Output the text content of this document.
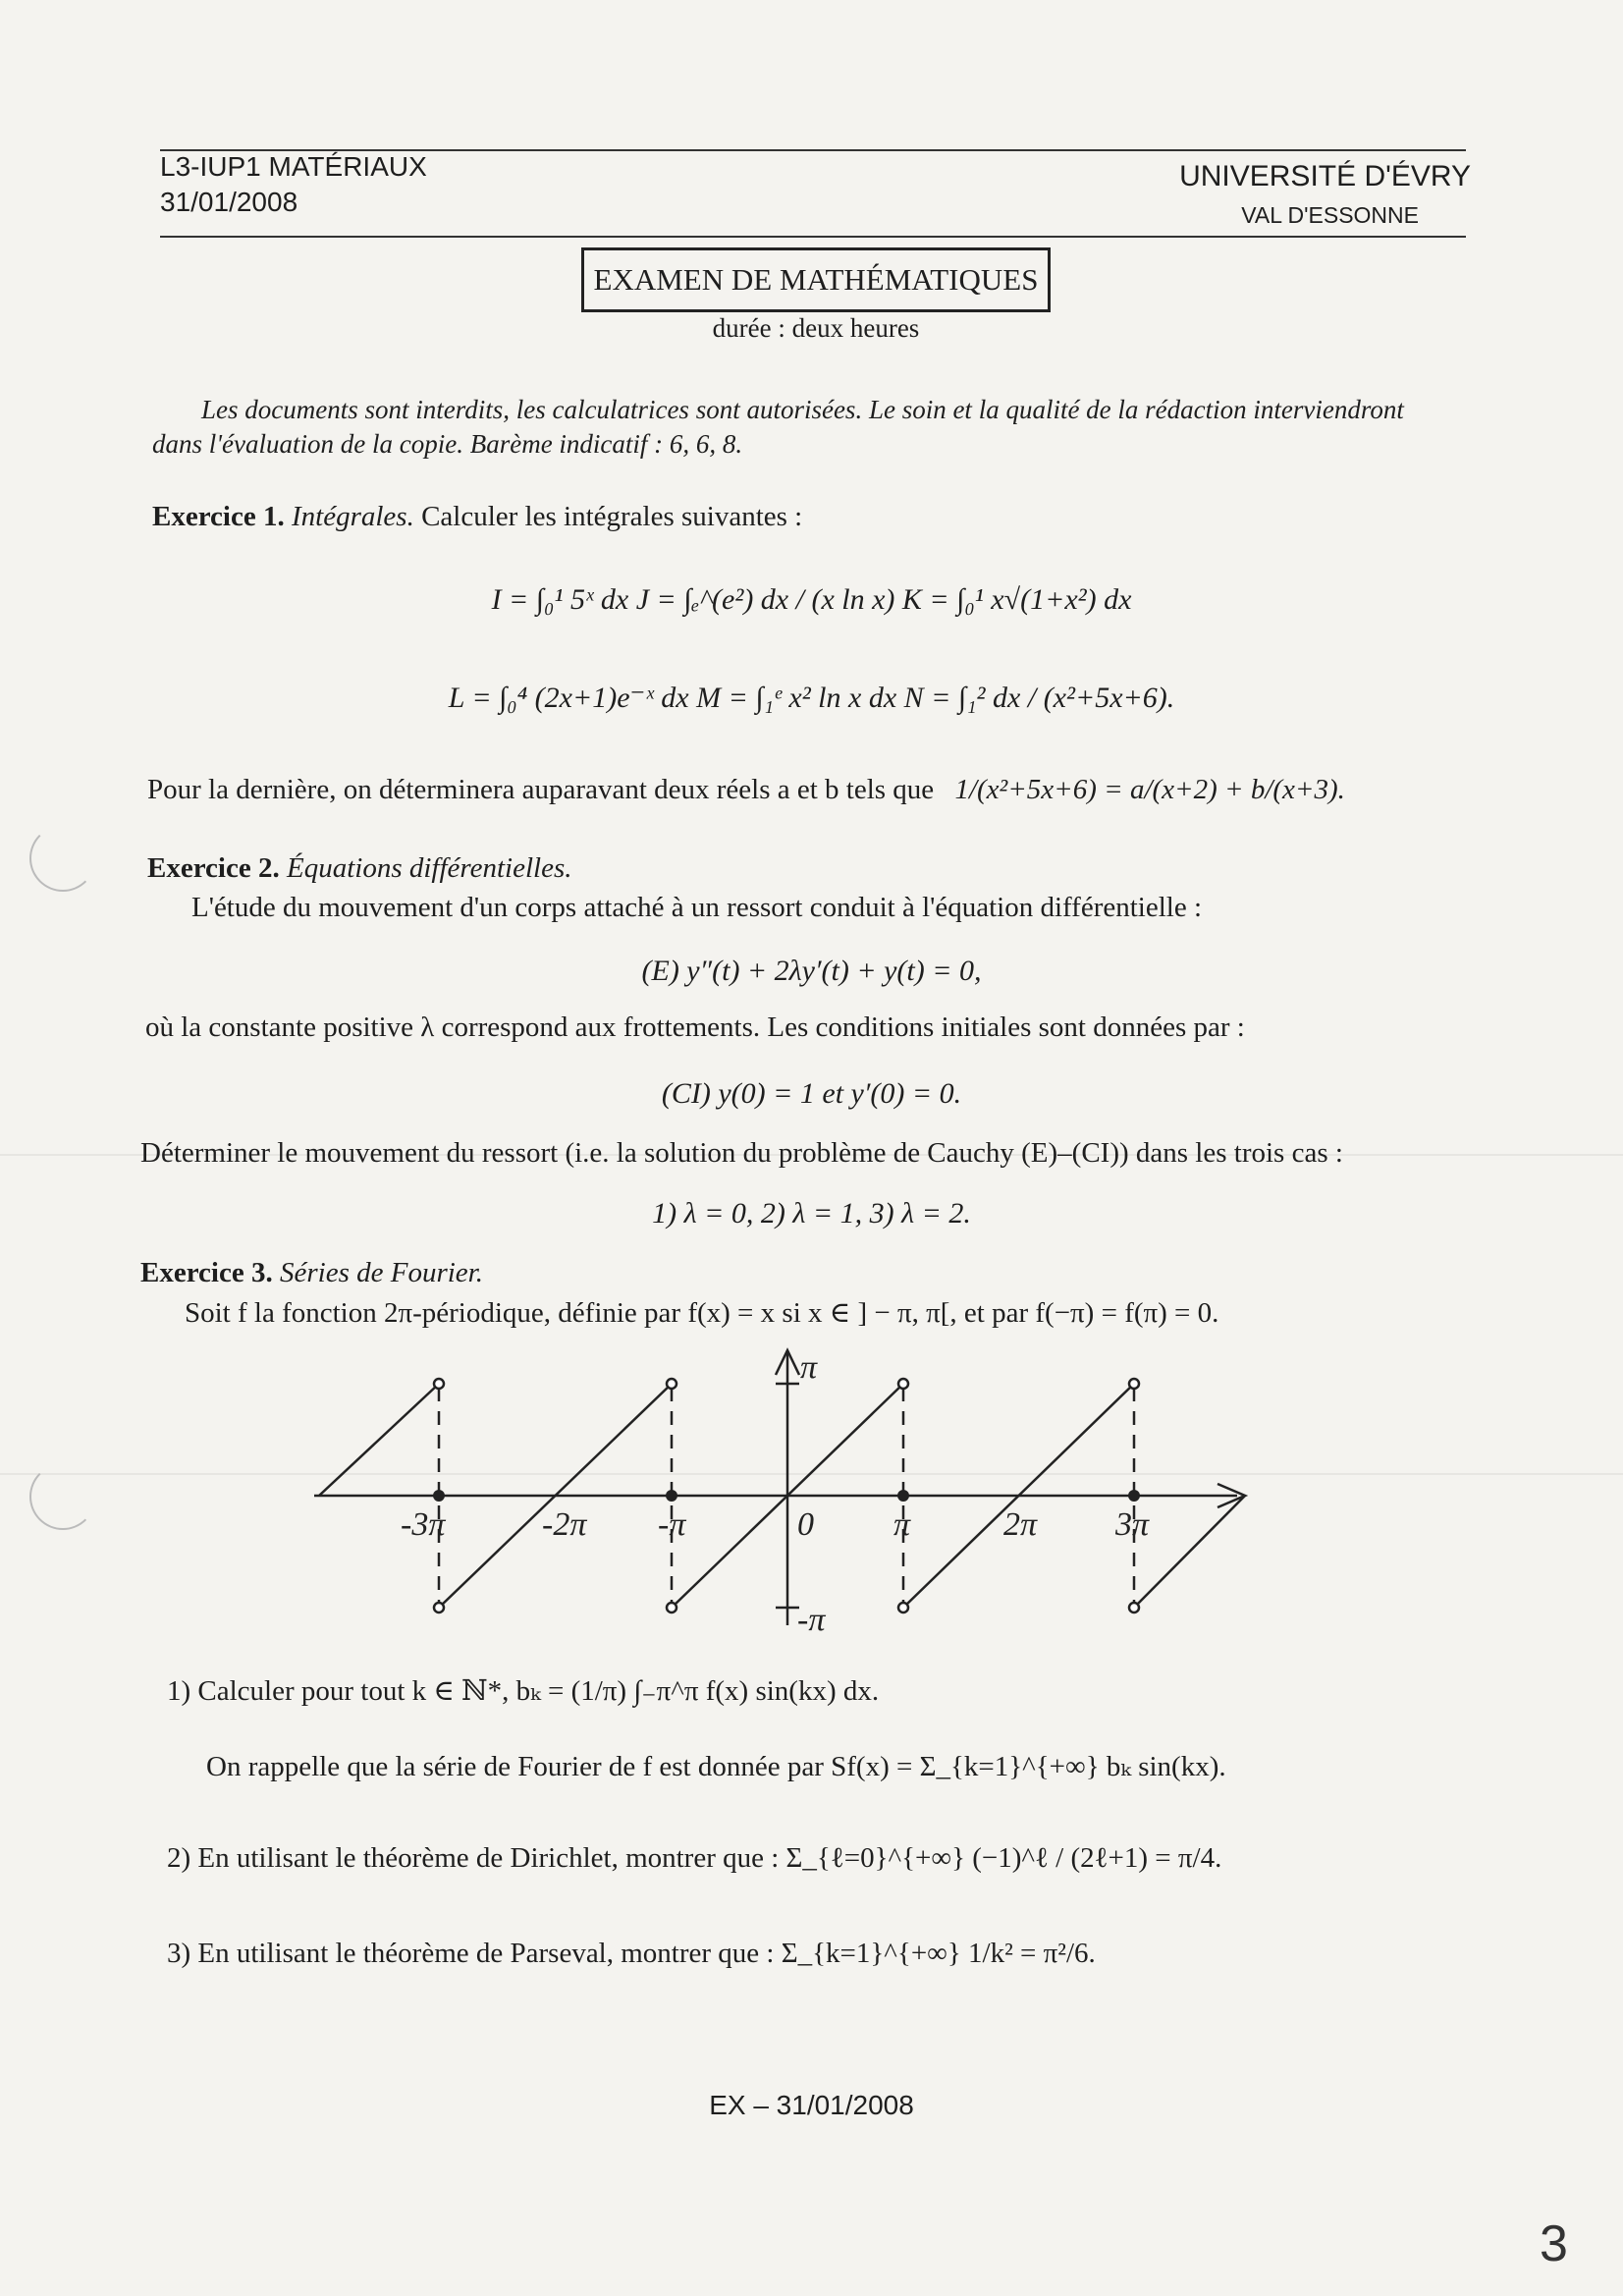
L3-IUP1 MATÉRIAUX
31/01/2008
UNIVERSITÉ D'ÉVRY
VAL D'ESSONNE
EXAMEN DE MATHÉMATIQUES
durée : deux heures
Les documents sont interdits, les calculatrices sont autorisées. Le soin et la qualité de la rédaction interviendront
dans l'évaluation de la copie. Barème indicatif : 6, 6, 8.
Exercice 1. Intégrales. Calculer les intégrales suivantes :
I = ∫₀¹ 5ˣ dx J = ∫ₑ^(e²) dx / (x ln x) K = ∫₀¹ x√(1+x²) dx
L = ∫₀⁴ (2x+1)e⁻ˣ dx M = ∫₁ᵉ x² ln x dx N = ∫₁² dx / (x²+5x+6).
Pour la dernière, on déterminera auparavant deux réels a et b tels que 1/(x²+5x+6) = a/(x+2) + b/(x+3).
Exercice 2. Équations différentielles.
L'étude du mouvement d'un corps attaché à un ressort conduit à l'équation différentielle :
(E) y″(t) + 2λy′(t) + y(t) = 0,
où la constante positive λ correspond aux frottements. Les conditions initiales sont données par :
(CI) y(0) = 1 et y′(0) = 0.
Déterminer le mouvement du ressort (i.e. la solution du problème de Cauchy (E)–(CI)) dans les trois cas :
1) λ = 0, 2) λ = 1, 3) λ = 2.
Exercice 3. Séries de Fourier.
Soit f la fonction 2π-périodique, définie par f(x) = x si x ∈ ] − π, π[, et par f(−π) = f(π) = 0.
π
-π
-3π	-2π -π	0 π	2π 3π
1) Calculer pour tout k ∈ ℕ*, bₖ = (1/π) ∫₋π^π f(x) sin(kx) dx.
On rappelle que la série de Fourier de f est donnée par Sf(x) = Σ_{k=1}^{+∞} bₖ sin(kx).
2) En utilisant le théorème de Dirichlet, montrer que : Σ_{ℓ=0}^{+∞} (−1)^ℓ / (2ℓ+1) = π/4.
3) En utilisant le théorème de Parseval, montrer que : Σ_{k=1}^{+∞} 1/k² = π²/6.
EX – 31/01/2008
3
